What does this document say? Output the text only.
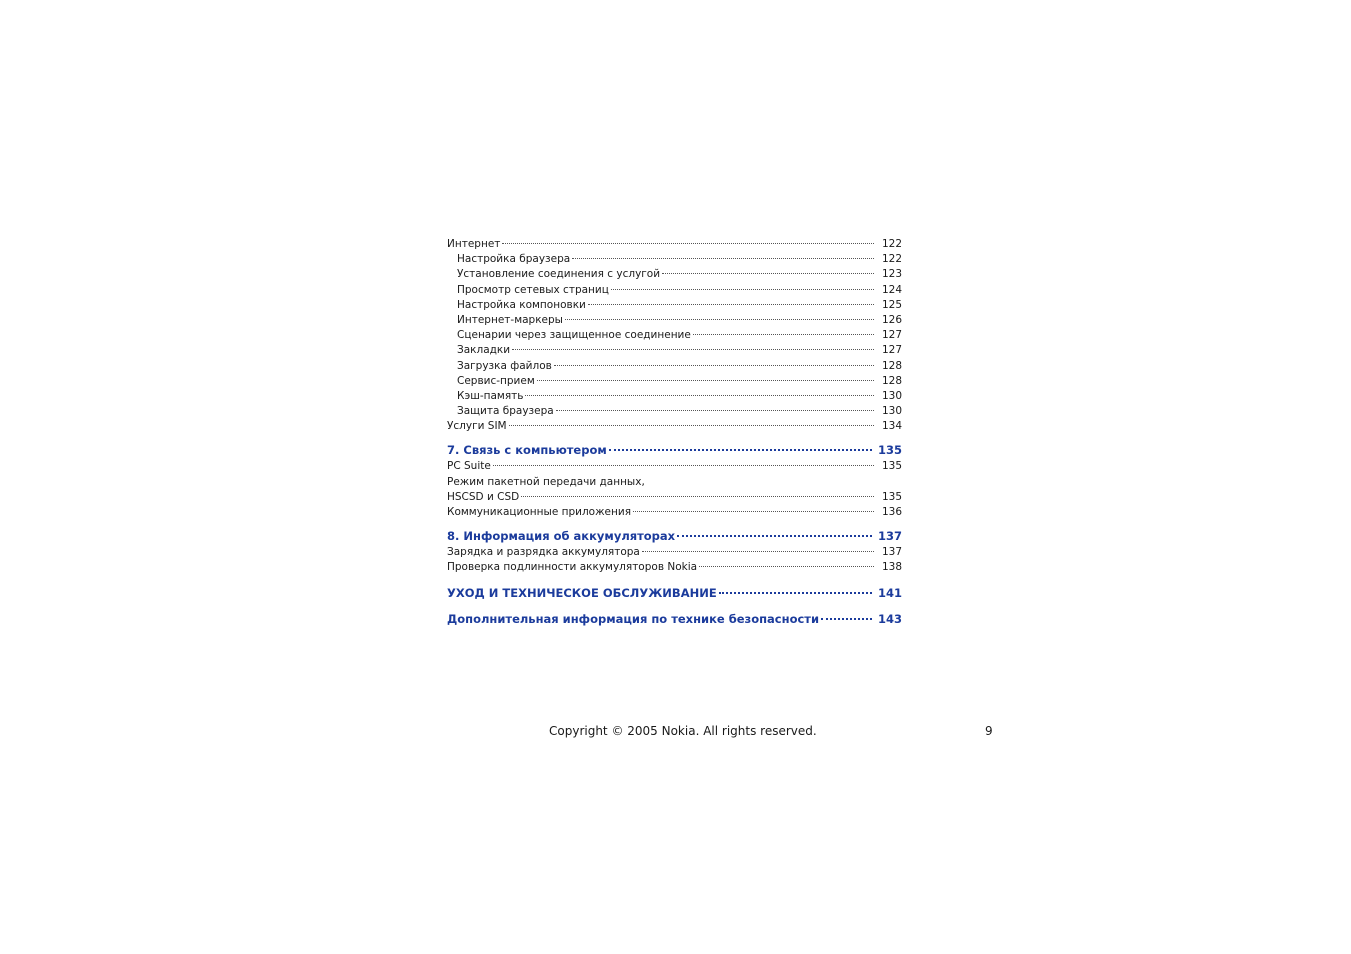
Интернет	122
Настройка браузера	122
Установление соединения с услугой	123
Просмотр сетевых страниц	124
Настройка компоновки	125
Интернет-маркеры	126
Сценарии через защищенное соединение	127
Закладки	127
Загрузка файлов	128
Сервис-прием	128
Кэш-память	130
Защита браузера	130
Услуги SIM	134
7. Связь с компьютером	135
PC Suite	135
Режим пакетной передачи данных,
HSCSD и CSD	135
Коммуникационные приложения	136
8. Информация об аккумуляторах	137
Зарядка и разрядка аккумулятора	137
Проверка подлинности аккумуляторов Nokia	138
УХОД И ТЕХНИЧЕСКОЕ ОБСЛУЖИВАНИЕ	141
Дополнительная информация по технике безопасности	143
Copyright © 2005 Nokia. All rights reserved.	9
